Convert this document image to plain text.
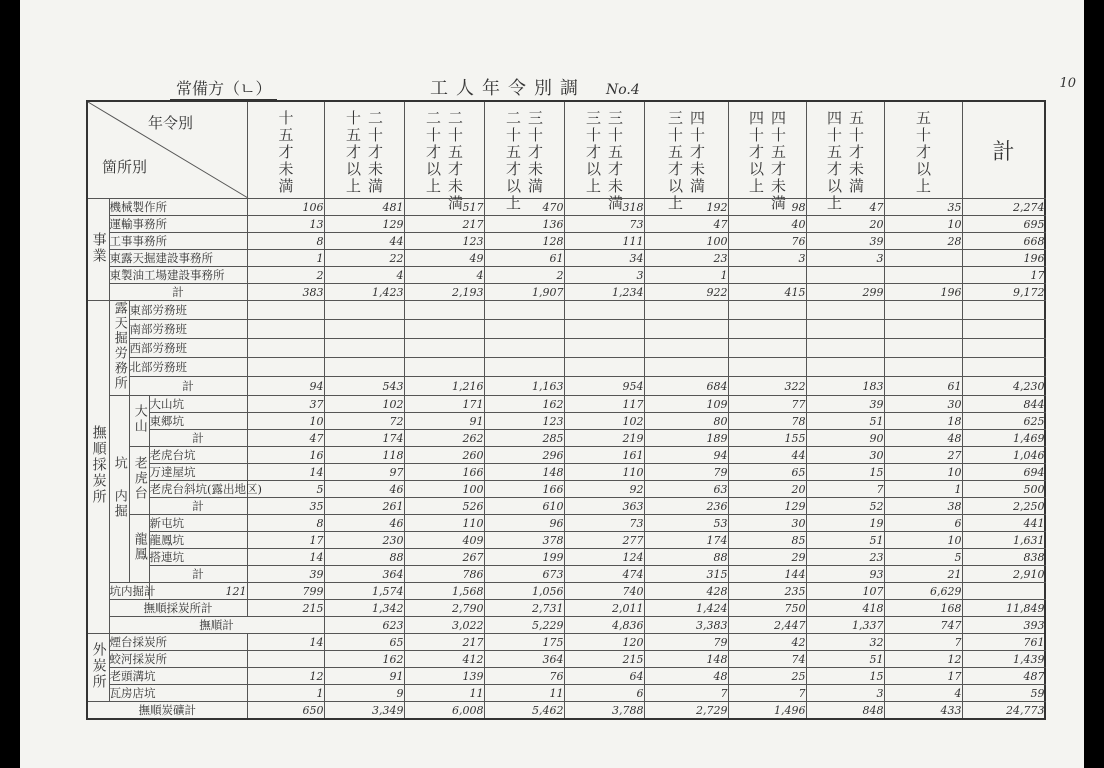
常備方（ㄴ）	工人年令別調 No.4	10
年令別
箇所別				十五才未満	十五才以上 二十才未満	二十才以上 二十五才未満	二十五才以上 三十才未満	三十才以上 三十五才未満	三十五才以上 四十才未満	四十才以上 四十五才未満	四十五才以上 五十才未満	五十才以上	計	

事業	機械製作所			106	481	517	470	318	192	98	47	35	2,274	
	運輸事務所			13	129	217	136	73	47	40	20	10	695	
	工事事務所			8	44	123	128	111	100	76	39	28	668	
	東露天掘建設事務所			1	22	49	61	34	23	3	3		196	
	東製油工場建設事務所			2	4	4	2	3	1				17	
	計			383	1,423	2,193	1,907	1,234	922	415	299	196	9,172	
撫順採炭所	露天掘労務所	東部労務班												
		南部労務班												
		西部労務班												
		北部労務班												
		計		94	543	1,216	1,163	954	684	322	183	61	4,230	
	坑
内掘	大山	大山坑	37	102	171	162	117	109	77	39	30	844	
			東郷坑	10	72	91	123	102	80	78	51	18	625	
			計	47	174	262	285	219	189	155	90	48	1,469	
		老虎台	老虎台坑	16	118	260	296	161	94	44	30	27	1,046	
			万達屋坑	14	97	166	148	110	79	65	15	10	694	
			老虎台斜坑(露出地区)	5	46	100	166	92	63	20	7	1	500	
			計	35	261	526	610	363	236	129	52	38	2,250	
		龍鳳	新屯坑	8	46	110	96	73	53	30	19	6	441	
			龍鳳坑	17	230	409	378	277	174	85	51	10	1,631	
			搭連坑	14	88	267	199	124	88	29	23	5	838	
			計	39	364	786	673	474	315	144	93	21	2,910	
	坑内掘計		121	799	1,574	1,568	1,056	740	428	235	107	6,629		
	撫順採炭所計			215	1,342	2,790	2,731	2,011	1,424	750	418	168	11,849	
	撫順計				623	3,022	5,229	4,836	3,383	2,447	1,337	747	393	
外炭所	煙台採炭所			14	65	217	175	120	79	42	32	7	761	
	蛟河採炭所				162	412	364	215	148	74	51	12	1,439	
	老頭溝坑			12	91	139	76	64	48	25	15	17	487	
	瓦房店坑			1	9	11	11	6	7	7	3	4	59	
撫順炭礦計				650	3,349	6,008	5,462	3,788	2,729	1,496	848	433	24,773	
